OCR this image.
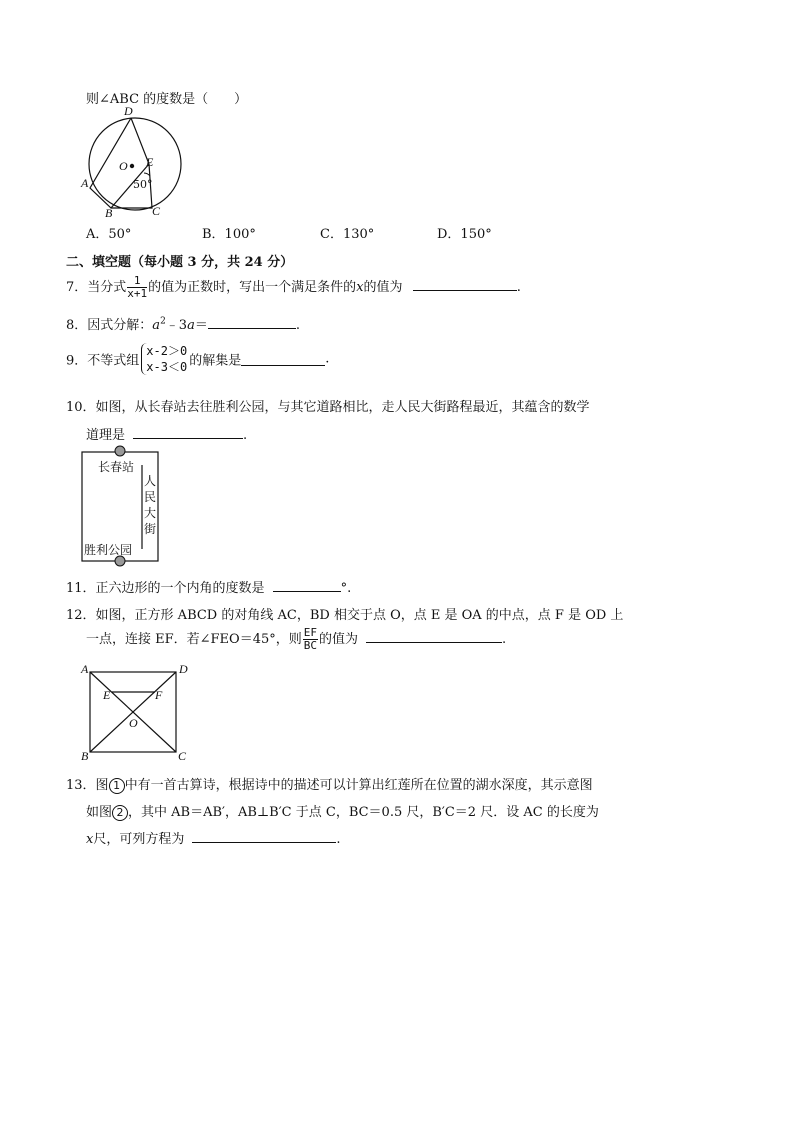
则∠ABC 的度数是（　　）
D
O E
A
B	C
50°
A．50°	B．100°	C．130°	D．150°
二、填空题（每小题 3 分，共 24 分）
7．当分式 $\frac{1}{x+1}$ 的值为正数时，写出一个满足条件的x的值为	.
8．因式分解：$a^2﹣3a=$	.
9．不等式组
x-2＞0
x-3＜0 的解集是	.
10．如图，从长春站去往胜利公园，与其它道路相比，走人民大街路程最近，其蕴含的数学
道理是	.
长春站
胜利公园
人
民
大
街
11．正六边形的一个内角的度数是	°.
12．如图，正方形 ABCD 的对角线 AC，BD 相交于点 O，点 E 是 OA 的中点，点 F 是 OD 上
一点，连接 EF．若∠FEO＝45°，则 $\frac{EF}{BC}$ 的值为	.
A	D
E	F
O
B	C
13．图 1 中有一首古算诗，根据诗中的描述可以计算出红莲所在位置的湖水深度，其示意图
如图 2 ，其中 AB＝AB′，AB⊥B′C 于点 C，BC＝0.5 尺，B′C＝2 尺．设 AC 的长度为
x尺，可列方程为	.
